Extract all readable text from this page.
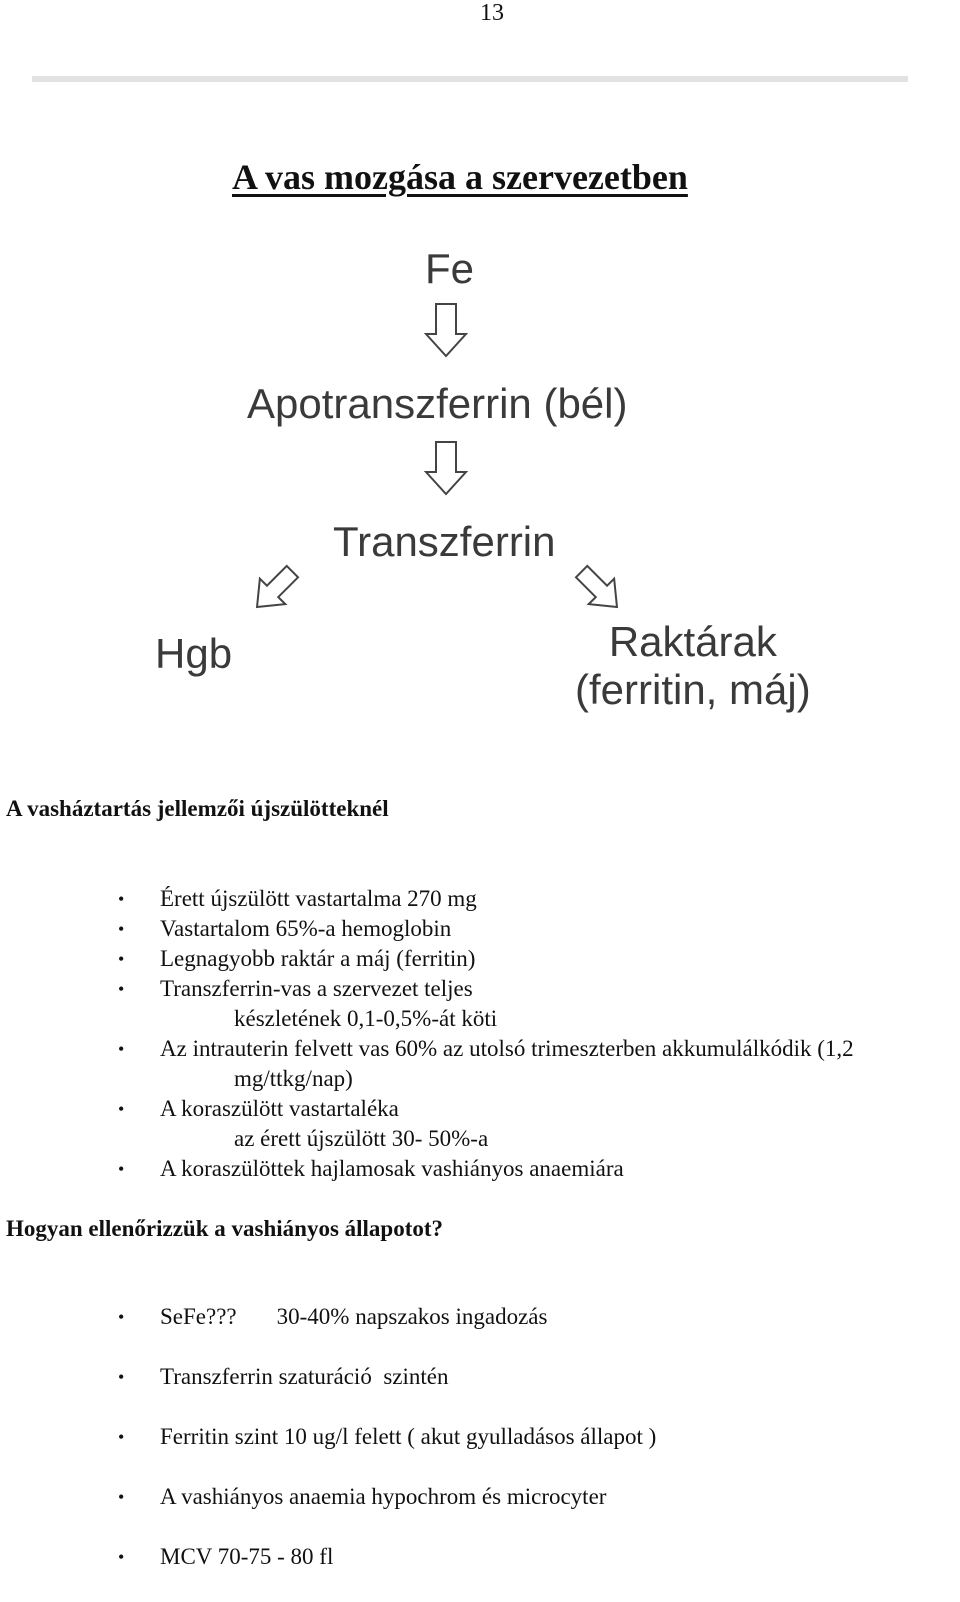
13
A vas mozgása a szervezetben
Fe
Apotranszferrin (bél)
Transzferrin
Hgb	Raktárak
(ferritin, máj)
A vasháztartás jellemzői újszülötteknél
• Érett újszülött vastartalma 270 mg
• Vastartalom 65%-a hemoglobin
• Legnagyobb raktár a máj (ferritin)
• Transzferrin-vas a szervezet teljes
készletének 0,1-0,5%-át köti
• Az intrauterin felvett vas 60% az utolsó trimeszterben akkumulálkódik (1,2
mg/ttkg/nap)
• A koraszülött vastartaléka
az érett újszülött 30- 50%-a
• A koraszülöttek hajlamosak vashiányos anaemiára
Hogyan ellenőrizzük a vashiányos állapotot?
• SeFe??? 30-40% napszakos ingadozás
• Transzferrin szaturáció  szintén
• Ferritin szint 10 ug/l felett ( akut gyulladásos állapot )
• A vashiányos anaemia hypochrom és microcyter
• MCV 70-75 - 80 fl
